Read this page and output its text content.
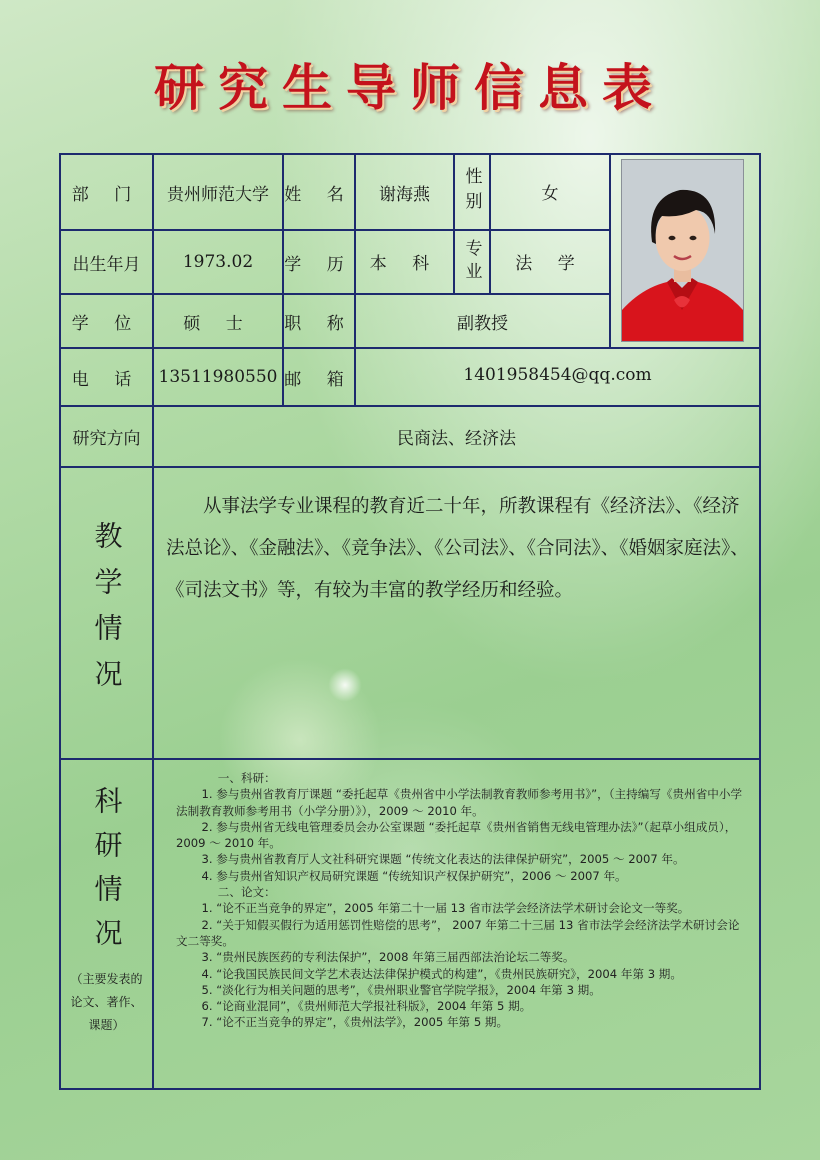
研究生导师信息表
部 门	贵州师范大学 姓 名	谢海燕	性别	女
出生年月	1973.02	学 历 本 科	专业	法 学
学 位	硕 士	职 称	副教授
电 话	13511980550 邮 箱	1401958454@qq.com
研究方向	民商法、经济法
教学情况
从事法学专业课程的教育近二十年，所教课程有《经济法》、《经济法总论》、《金融法》、《竞争法》、《公司法》、《合同法》、《婚姻家庭法》、《司法文书》等，有较为丰富的教学经历和经验。
科研情况
（主要发表的论文、著作、课题）

一、科研：

1. 参与贵州省教育厅课题 “委托起草《贵州省中小学法制教育教师参考用书》”，（主持编写《贵州省中小学法制教育教师参考用书（小学分册）》），2009 ～ 2010 年。

2. 参与贵州省无线电管理委员会办公室课题 “委托起草《贵州省销售无线电管理办法》”（起草小组成员），2009 ～ 2010 年。

3. 参与贵州省教育厅人文社科研究课题 “传统文化表达的法律保护研究”，2005 ～ 2007 年。

4. 参与贵州省知识产权局研究课题 “传统知识产权保护研究”，2006 ～ 2007 年。

二、论文：

1. “论不正当竞争的界定”，2005 年第二十一届 13 省市法学会经济法学术研讨会论文一等奖。

2. “关于知假买假行为适用惩罚性赔偿的思考”， 2007 年第二十三届 13 省市法学会经济法学术研讨会论文二等奖。

3. “贵州民族医药的专利法保护”，2008 年第三届西部法治论坛二等奖。

4. “论我国民族民间文学艺术表达法律保护模式的构建”，《贵州民族研究》，2004 年第 3 期。

5. “淡化行为相关问题的思考”，《贵州职业警官学院学报》，2004 年第 3 期。

6. “论商业混同”，《贵州师范大学报社科版》，2004 年第 5 期。

7. “论不正当竞争的界定”，《贵州法学》，2005 年第 5 期。
